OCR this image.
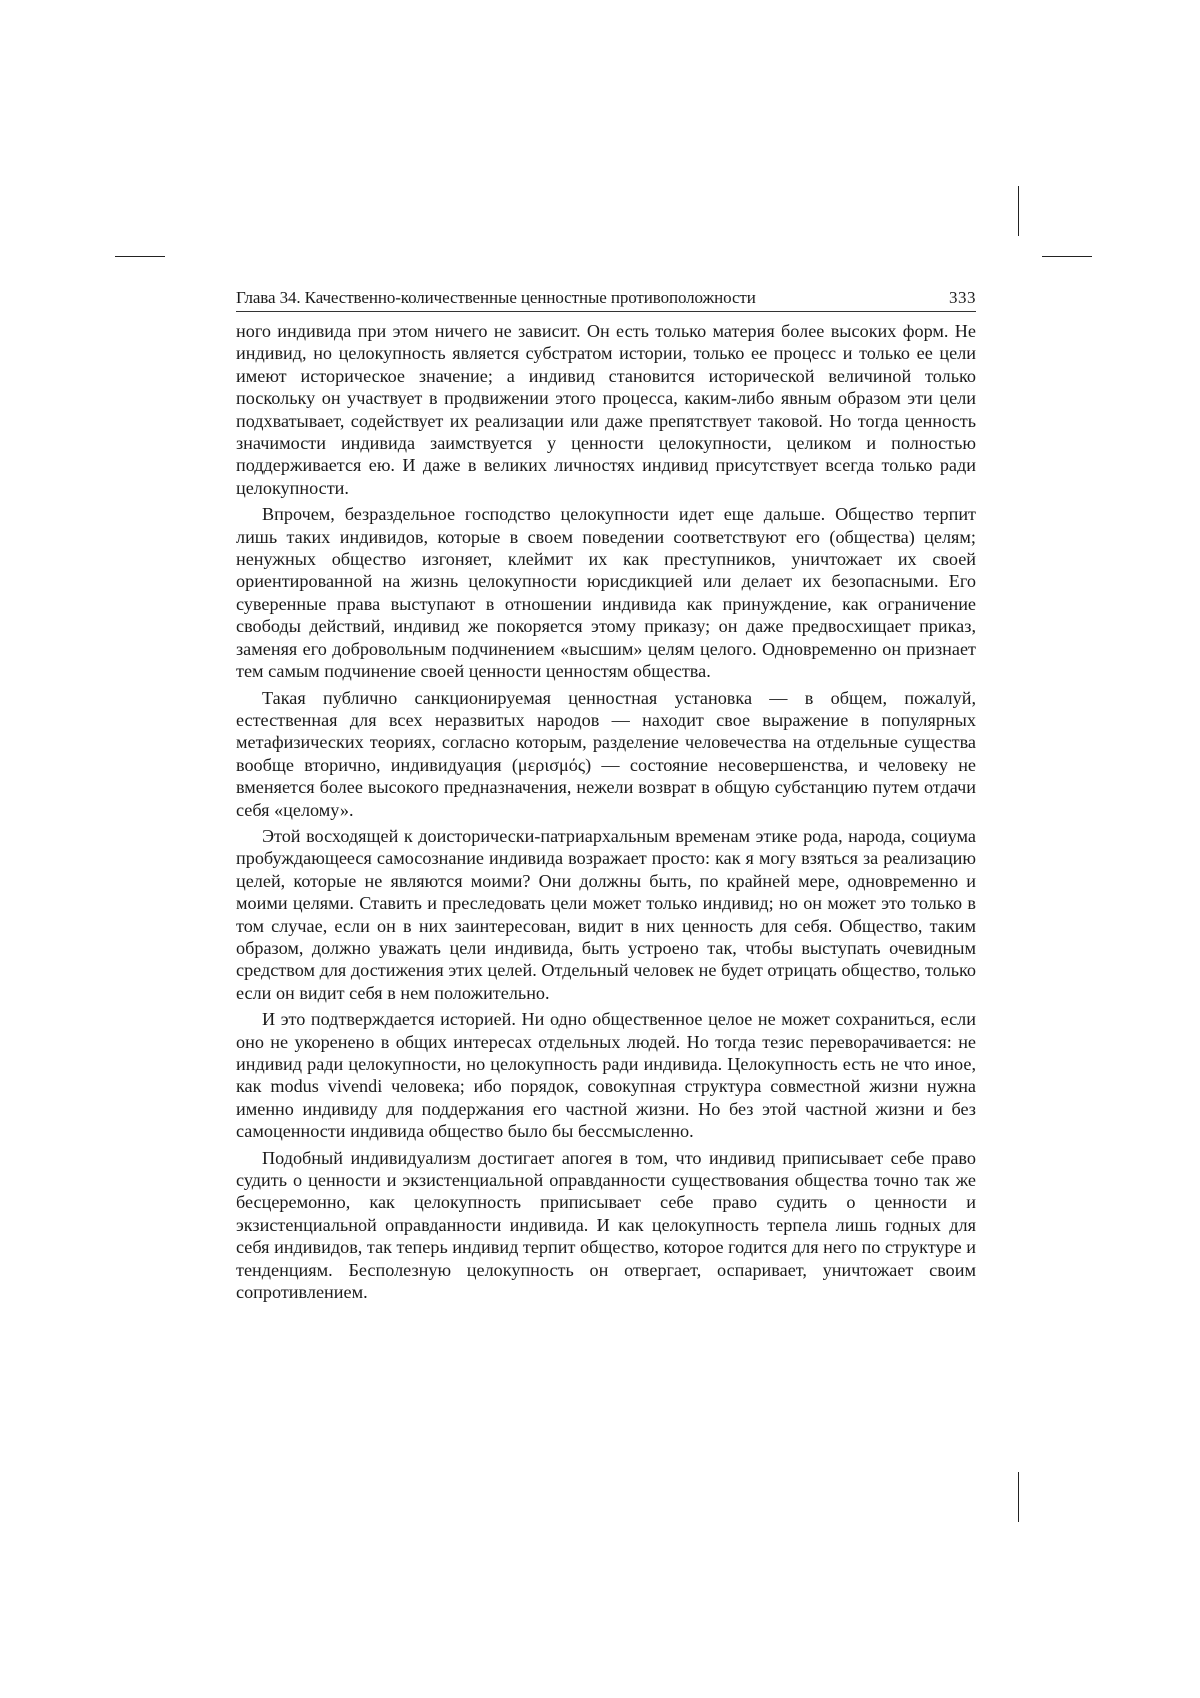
Глава 34. Качественно-количественные ценностные противоположности	333

ного индивида при этом ничего не зависит. Он есть только материя более высоких форм. Не индивид, но целокупность является субстратом истории, только ее процесс и только ее цели имеют историческое значение; а индивид становится исторической величиной только поскольку он участвует в продвижении этого процесса, каким-либо явным образом эти цели подхватывает, содействует их реализации или даже препятствует таковой. Но тогда ценность значимости индивида заимствуется у ценности целокупности, целиком и полностью поддерживается ею. И даже в великих личностях индивид присутствует всегда только ради целокупности.

Впрочем, безраздельное господство целокупности идет еще дальше. Общество терпит лишь таких индивидов, которые в своем поведении соответствуют его (общества) целям; ненужных общество изгоняет, клеймит их как преступников, уничтожает их своей ориентированной на жизнь целокупности юрисдикцией или делает их безопасными. Его суверенные права выступают в отношении индивида как принуждение, как ограничение свободы действий, индивид же покоряется этому приказу; он даже предвосхищает приказ, заменяя его добровольным подчинением «высшим» целям целого. Одновременно он признает тем самым подчинение своей ценности ценностям общества.

Такая публично санкционируемая ценностная установка — в общем, пожалуй, естественная для всех неразвитых народов — находит свое выражение в популярных метафизических теориях, согласно которым, разделение человечества на отдельные существа вообще вторично, индивидуация (μερισμός) — состояние несовершенства, и человеку не вменяется более высокого предназначения, нежели возврат в общую субстанцию путем отдачи себя «целому».

Этой восходящей к доисторически-патриархальным временам этике рода, народа, социума пробуждающееся самосознание индивида возражает просто: как я могу взяться за реализацию целей, которые не являются моими? Они должны быть, по крайней мере, одновременно и моими целями. Ставить и преследовать цели может только индивид; но он может это только в том случае, если он в них заинтересован, видит в них ценность для себя. Общество, таким образом, должно уважать цели индивида, быть устроено так, чтобы выступать очевидным средством для достижения этих целей. Отдельный человек не будет отрицать общество, только если он видит себя в нем положительно.

И это подтверждается историей. Ни одно общественное целое не может сохраниться, если оно не укоренено в общих интересах отдельных людей. Но тогда тезис переворачивается: не индивид ради целокупности, но целокупность ради индивида. Целокупность есть не что иное, как modus vivendi человека; ибо порядок, совокупная структура совместной жизни нужна именно индивиду для поддержания его частной жизни. Но без этой частной жизни и без самоценности индивида общество было бы бессмысленно.

Подобный индивидуализм достигает апогея в том, что индивид приписывает себе право судить о ценности и экзистенциальной оправданности существования общества точно так же бесцеремонно, как целокупность приписывает себе право судить о ценности и экзистенциальной оправданности индивида. И как целокупность терпела лишь годных для себя индивидов, так теперь индивид терпит общество, которое годится для него по структуре и тенденциям. Бесполезную целокупность он отвергает, оспаривает, уничтожает своим сопротивлением.
